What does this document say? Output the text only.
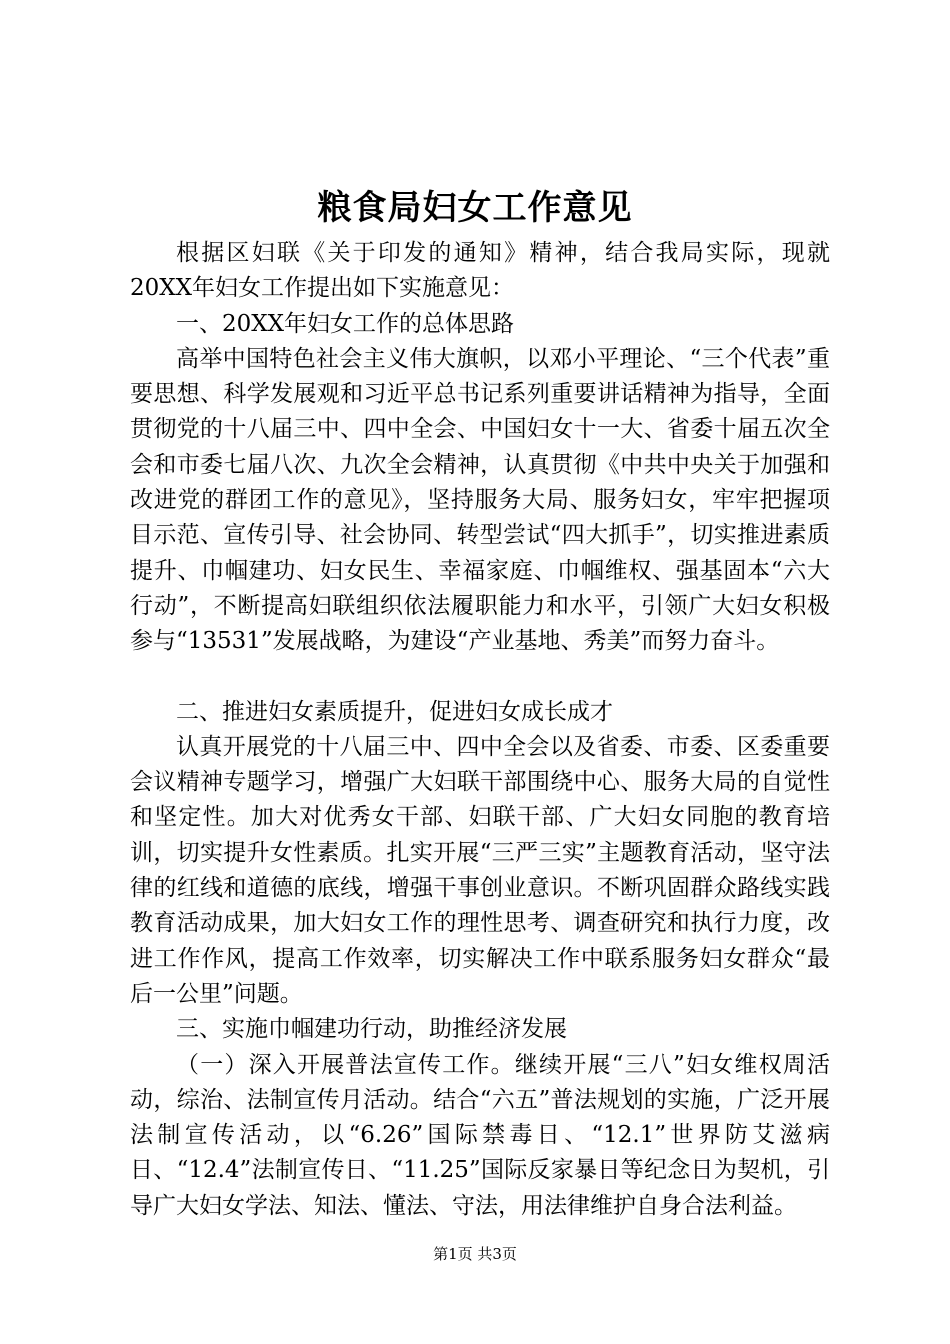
粮食局妇女工作意见

根据区妇联《关于印发的通知》精神，结合我局实际，现就20XX年妇女工作提出如下实施意见：

一、20XX年妇女工作的总体思路

高举中国特色社会主义伟大旗帜，以邓小平理论、“三个代表”重要思想、科学发展观和习近平总书记系列重要讲话精神为指导，全面贯彻党的十八届三中、四中全会、中国妇女十一大、省委十届五次全会和市委七届八次、九次全会精神，认真贯彻《中共中央关于加强和改进党的群团工作的意见》，坚持服务大局、服务妇女，牢牢把握项目示范、宣传引导、社会协同、转型尝试“四大抓手”，切实推进素质提升、巾帼建功、妇女民生、幸福家庭、巾帼维权、强基固本“六大行动”，不断提高妇联组织依法履职能力和水平，引领广大妇女积极参与“13531”发展战略，为建设“产业基地、秀美”而努力奋斗。

二、推进妇女素质提升，促进妇女成长成才

认真开展党的十八届三中、四中全会以及省委、市委、区委重要会议精神专题学习，增强广大妇联干部围绕中心、服务大局的自觉性和坚定性。加大对优秀女干部、妇联干部、广大妇女同胞的教育培训，切实提升女性素质。扎实开展“三严三实”主题教育活动，坚守法律的红线和道德的底线，增强干事创业意识。不断巩固群众路线实践教育活动成果，加大妇女工作的理性思考、调查研究和执行力度，改进工作作风，提高工作效率，切实解决工作中联系服务妇女群众“最后一公里”问题。

三、实施巾帼建功行动，助推经济发展

（一）深入开展普法宣传工作。继续开展“三八”妇女维权周活动，综治、法制宣传月活动。结合“六五”普法规划的实施，广泛开展法制宣传活动，以“6.26”国际禁毒日、“12.1”世界防艾滋病日、“12.4”法制宣传日、“11.25”国际反家暴日等纪念日为契机，引导广大妇女学法、知法、懂法、守法，用法律维护自身合法利益。

第1页 共3页
